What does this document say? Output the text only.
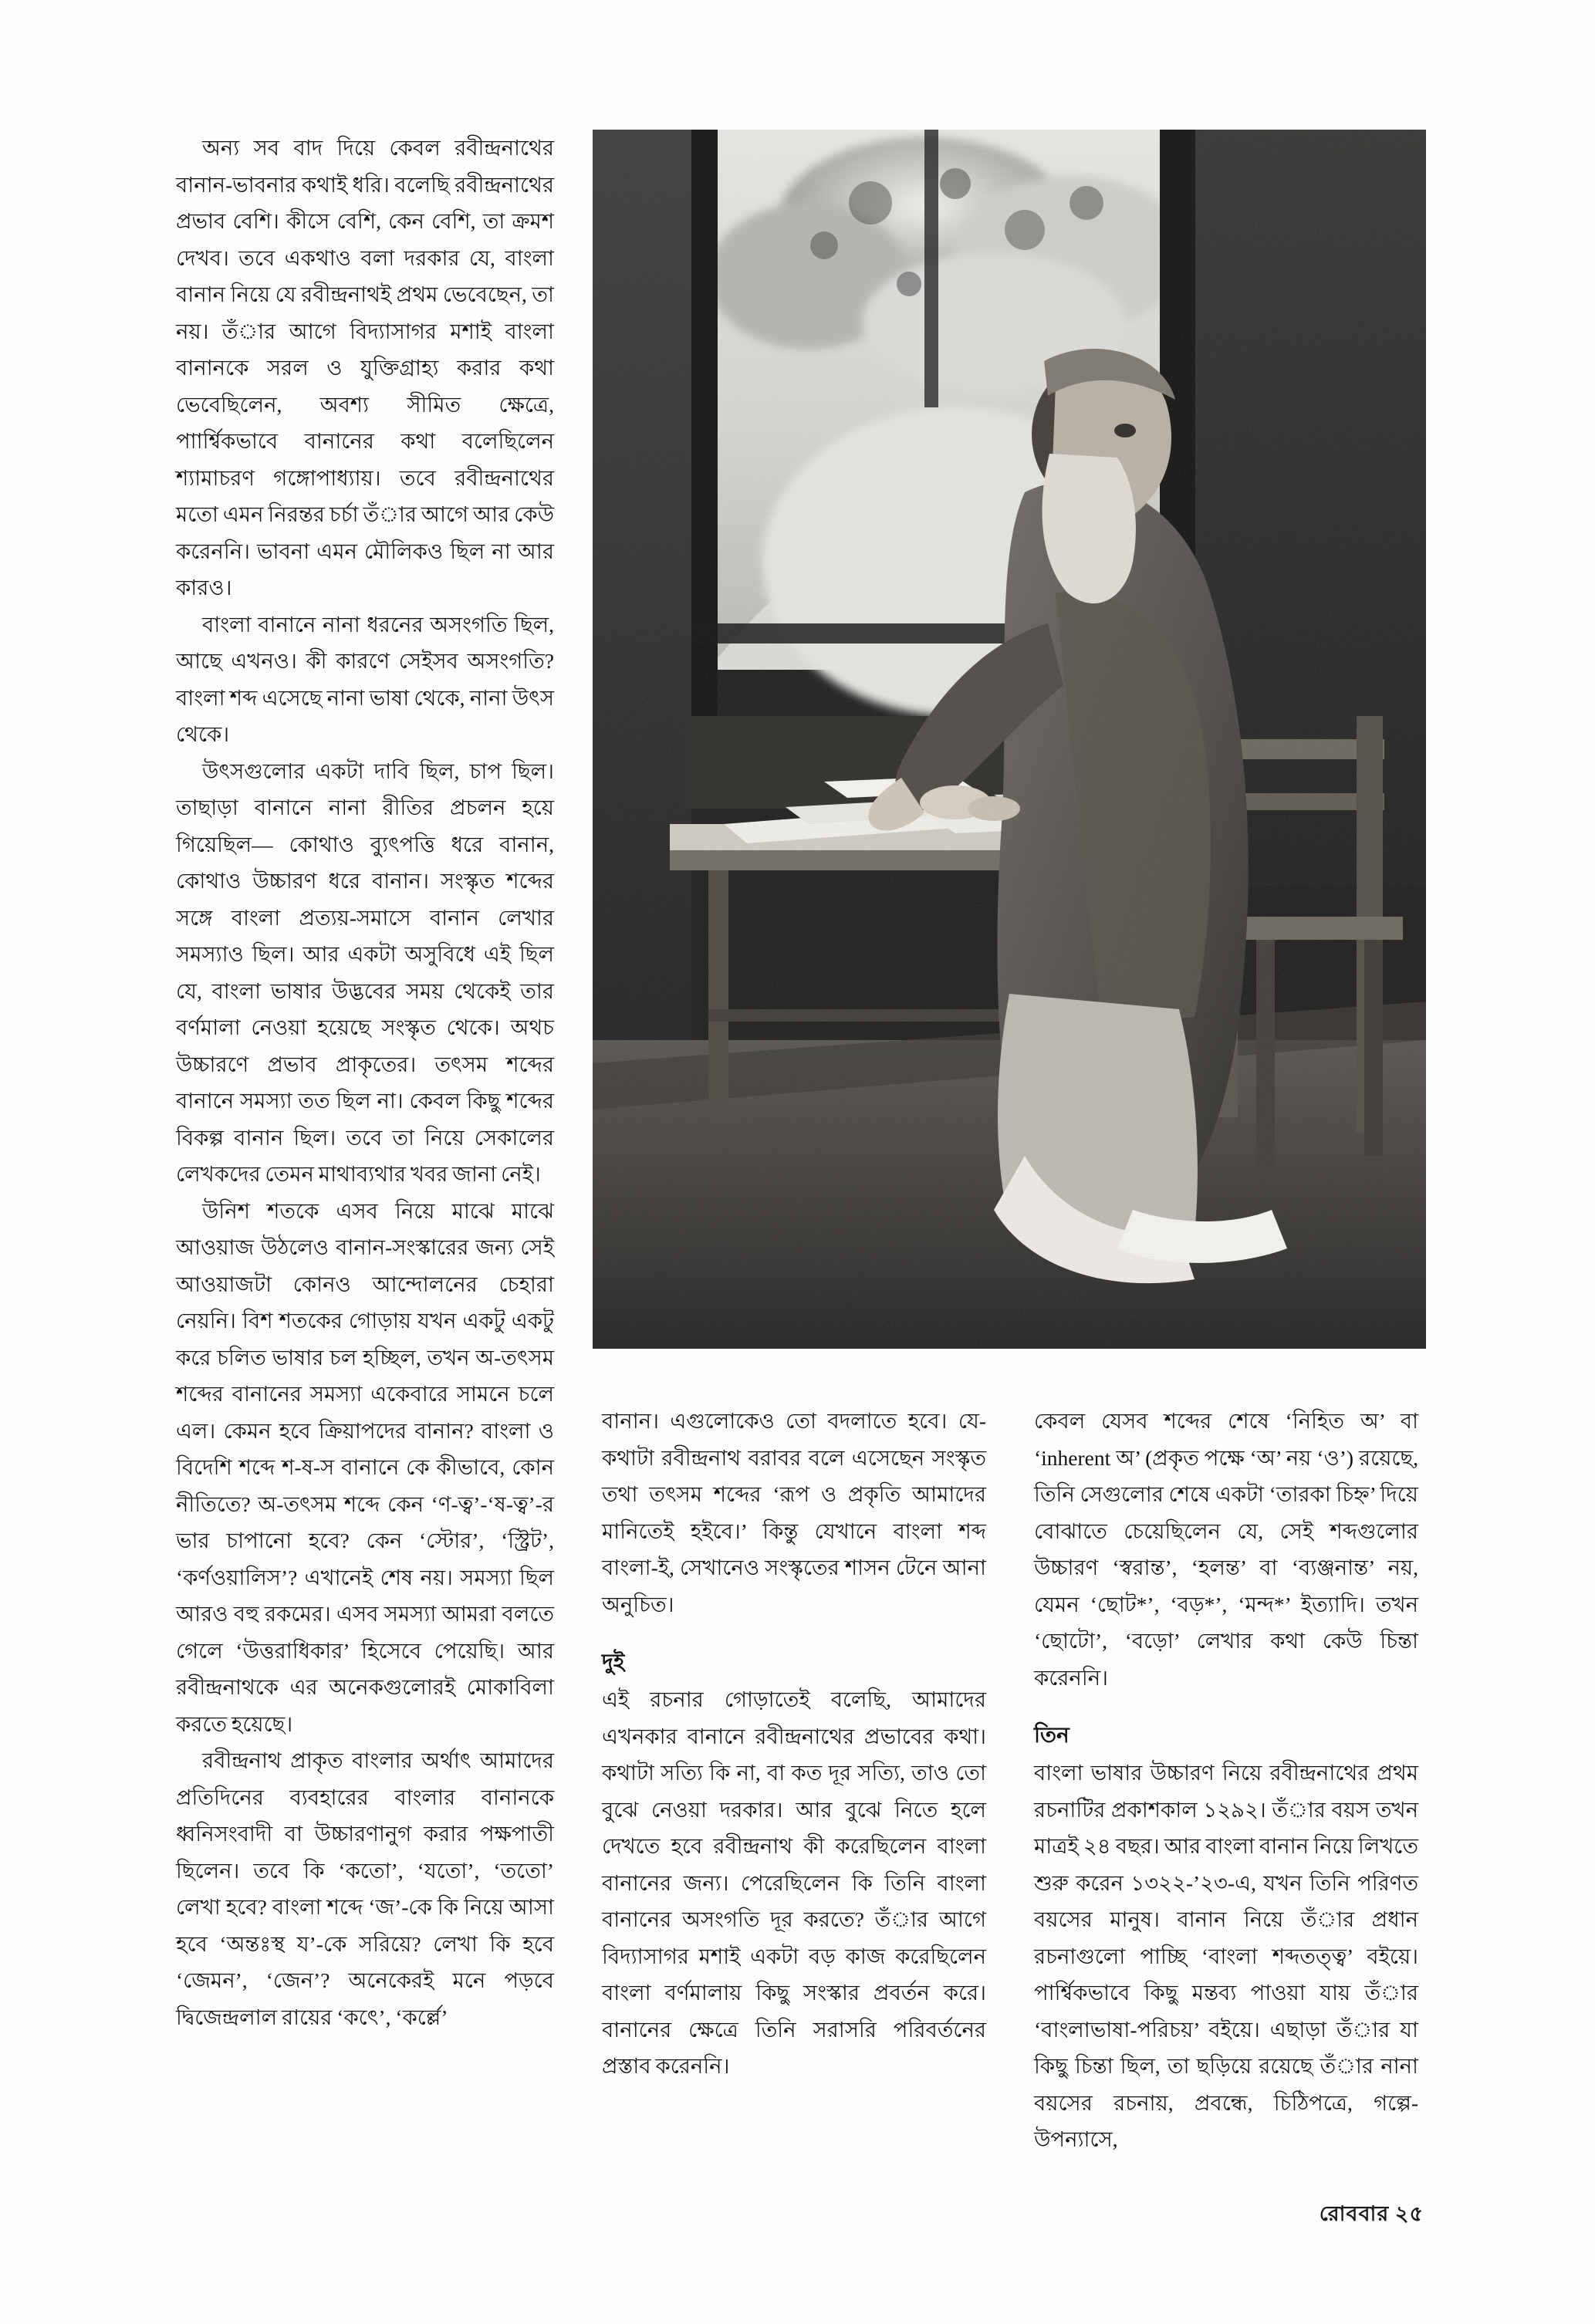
অন্য সব বাদ দিয়ে কেবল রবীন্দ্রনাথের বানান-ভাবনার কথাই ধরি। বলেছি রবীন্দ্রনাথের প্রভাব বেশি। কীসে বেশি, কেন বেশি, তা ক্রমশ দেখব। তবে একথাও বলা দরকার যে, বাংলা বানান নিয়ে যে রবীন্দ্রনাথই প্রথম ভেবেছেন, তা নয়। তঁার আগে বিদ্যাসাগর মশাই বাংলা বানানকে সরল ও যুক্তিগ্রাহ্য করার কথা ভেবেছিলেন, অবশ্য সীমিত ক্ষেত্রে, পাার্শ্বিকভাবে বানানের কথা বলেছিলেন শ্যামাচরণ গঙ্গোপাধ্যায়। তবে রবীন্দ্রনাথের মতো এমন নিরন্তর চর্চা তঁার আগে আর কেউ করেননি। ভাবনা এমন মৌলিকও ছিল না আর কারও।

বাংলা বানানে নানা ধরনের অসংগতি ছিল, আছে এখনও। কী কারণে সেইসব অসংগতি? বাংলা শব্দ এসেছে নানা ভাষা থেকে, নানা উৎস থেকে।

উৎসগুলোর একটা দাবি ছিল, চাপ ছিল। তাছাড়া বানানে নানা রীতির প্রচলন হয়ে গিয়েছিল— কোথাও ব্যুৎপত্তি ধরে বানান, কোথাও উচ্চারণ ধরে বানান। সংস্কৃত শব্দের সঙ্গে বাংলা প্রত্যয়-সমাসে বানান লেখার সমস্যাও ছিল। আর একটা অসুবিধে এই ছিল যে, বাংলা ভাষার উদ্ভবের সময় থেকেই তার বর্ণমালা নেওয়া হয়েছে সংস্কৃত থেকে। অথচ উচ্চারণে প্রভাব প্রাকৃতের। তৎসম শব্দের বানানে সমস্যা তত ছিল না। কেবল কিছু শব্দের বিকল্প বানান ছিল। তবে তা নিয়ে সেকালের লেখকদের তেমন মাথাব্যথার খবর জানা নেই।

উনিশ শতকে এসব নিয়ে মাঝে মাঝে আওয়াজ উঠলেও বানান-সংস্কারের জন্য সেই আওয়াজটা কোনও আন্দোলনের চেহারা নেয়নি। বিশ শতকের গোড়ায় যখন একটু একটু করে চলিত ভাষার চল হচ্ছিল, তখন অ-তৎসম শব্দের বানানের সমস্যা একেবারে সামনে চলে এল। কেমন হবে ক্রিয়াপদের বানান? বাংলা ও বিদেশি শব্দে শ-ষ-স বানানে কে কীভাবে, কোন নীতিতে? অ-তৎসম শব্দে কেন ‘ণ-ত্ব’-‘ষ-ত্ব’-র ভার চাপানো হবে? কেন ‘স্টোর’, ‘স্ট্রিট’, ‘কর্ণওয়ালিস’? এখানেই শেষ নয়। সমস্যা ছিল আরও বহু রকমের। এসব সমস্যা আমরা বলতে গেলে ‘উত্তরাধিকার’ হিসেবে পেয়েছি। আর রবীন্দ্রনাথকে এর অনেকগুলোরই মোকাবিলা করতে হয়েছে।

রবীন্দ্রনাথ প্রাকৃত বাংলার অর্থাৎ আমাদের প্রতিদিনের ব্যবহারের বাংলার বানানকে ধ্বনিসংবাদী বা উচ্চারণানুগ করার পক্ষপাতী ছিলেন। তবে কি ‘কতো’, ‘যতো’, ‘ততো’ লেখা হবে? বাংলা শব্দে ‘জ’-কে কি নিয়ে আসা হবে ‘অন্তঃস্থ য’-কে সরিয়ে? লেখা কি হবে ‘জেমন’, ‘জেন’? অনেকেরই মনে পড়বে দ্বিজেন্দ্রলাল রায়ের ‘কৎে’, ‘কর্ল্লে’

বানান। এগুলোকেও তো বদলাতে হবে। যে-কথাটা রবীন্দ্রনাথ বরাবর বলে এসেছেন সংস্কৃত তথা তৎসম শব্দের ‘রূপ ও প্রকৃতি আমাদের মানিতেই হইবে।’ কিন্তু যেখানে বাংলা শব্দ বাংলা-ই, সেখানেও সংস্কৃতের শাসন টেনে আনা অনুচিত।

দুই

এই রচনার গোড়াতেই বলেছি, আমাদের এখনকার বানানে রবীন্দ্রনাথের প্রভাবের কথা। কথাটা সত্যি কি না, বা কত দূর সত্যি, তাও তো বুঝে নেওয়া দরকার। আর বুঝে নিতে হলে দেখতে হবে রবীন্দ্রনাথ কী করেছিলেন বাংলা বানানের জন্য। পেরেছিলেন কি তিনি বাংলা বানানের অসংগতি দূর করতে? তঁার আগে বিদ্যাসাগর মশাই একটা বড় কাজ করেছিলেন বাংলা বর্ণমালায় কিছু সংস্কার প্রবর্তন করে। বানানের ক্ষেত্রে তিনি সরাসরি পরিবর্তনের প্রস্তাব করেননি।

কেবল যেসব শব্দের শেষে ‘নিহিত অ’ বা ‘inherent অ’ (প্রকৃত পক্ষে ‘অ’ নয় ‘ও’) রয়েছে, তিনি সেগুলোর শেষে একটা ‘তারকা চিহ্ন’ দিয়ে বোঝাতে চেয়েছিলেন যে, সেই শব্দগুলোর উচ্চারণ ‘স্বরান্ত’, ‘হলন্ত’ বা ‘ব্যঞ্জনান্ত’ নয়, যেমন ‘ছোট*’, ‘বড়*’, ‘মন্দ*’ ইত্যাদি। তখন ‘ছোটো’, ‘বড়ো’ লেখার কথা কেউ চিন্তা করেননি।

তিন

বাংলা ভাষার উচ্চারণ নিয়ে রবীন্দ্রনাথের প্রথম রচনাটির প্রকাশকাল ১২৯২। তঁার বয়স তখন মাত্রই ২৪ বছর। আর বাংলা বানান নিয়ে লিখতে শুরু করেন ১৩২২-’২৩-এ, যখন তিনি পরিণত বয়সের মানুষ। বানান নিয়ে তঁার প্রধান রচনাগুলো পাচ্ছি ‘বাংলা শব্দতত্ত্ব’ বইয়ে। পার্শ্বিকভাবে কিছু মন্তব্য পাওয়া যায় তঁার ‘বাংলাভাষা-পরিচয়’ বইয়ে। এছাড়া তঁার যা কিছু চিন্তা ছিল, তা ছড়িয়ে রয়েছে তঁার নানা বয়সের রচনায়, প্রবন্ধে, চিঠিপত্রে, গল্পে-উপন্যাসে,

রোববার ২৫
